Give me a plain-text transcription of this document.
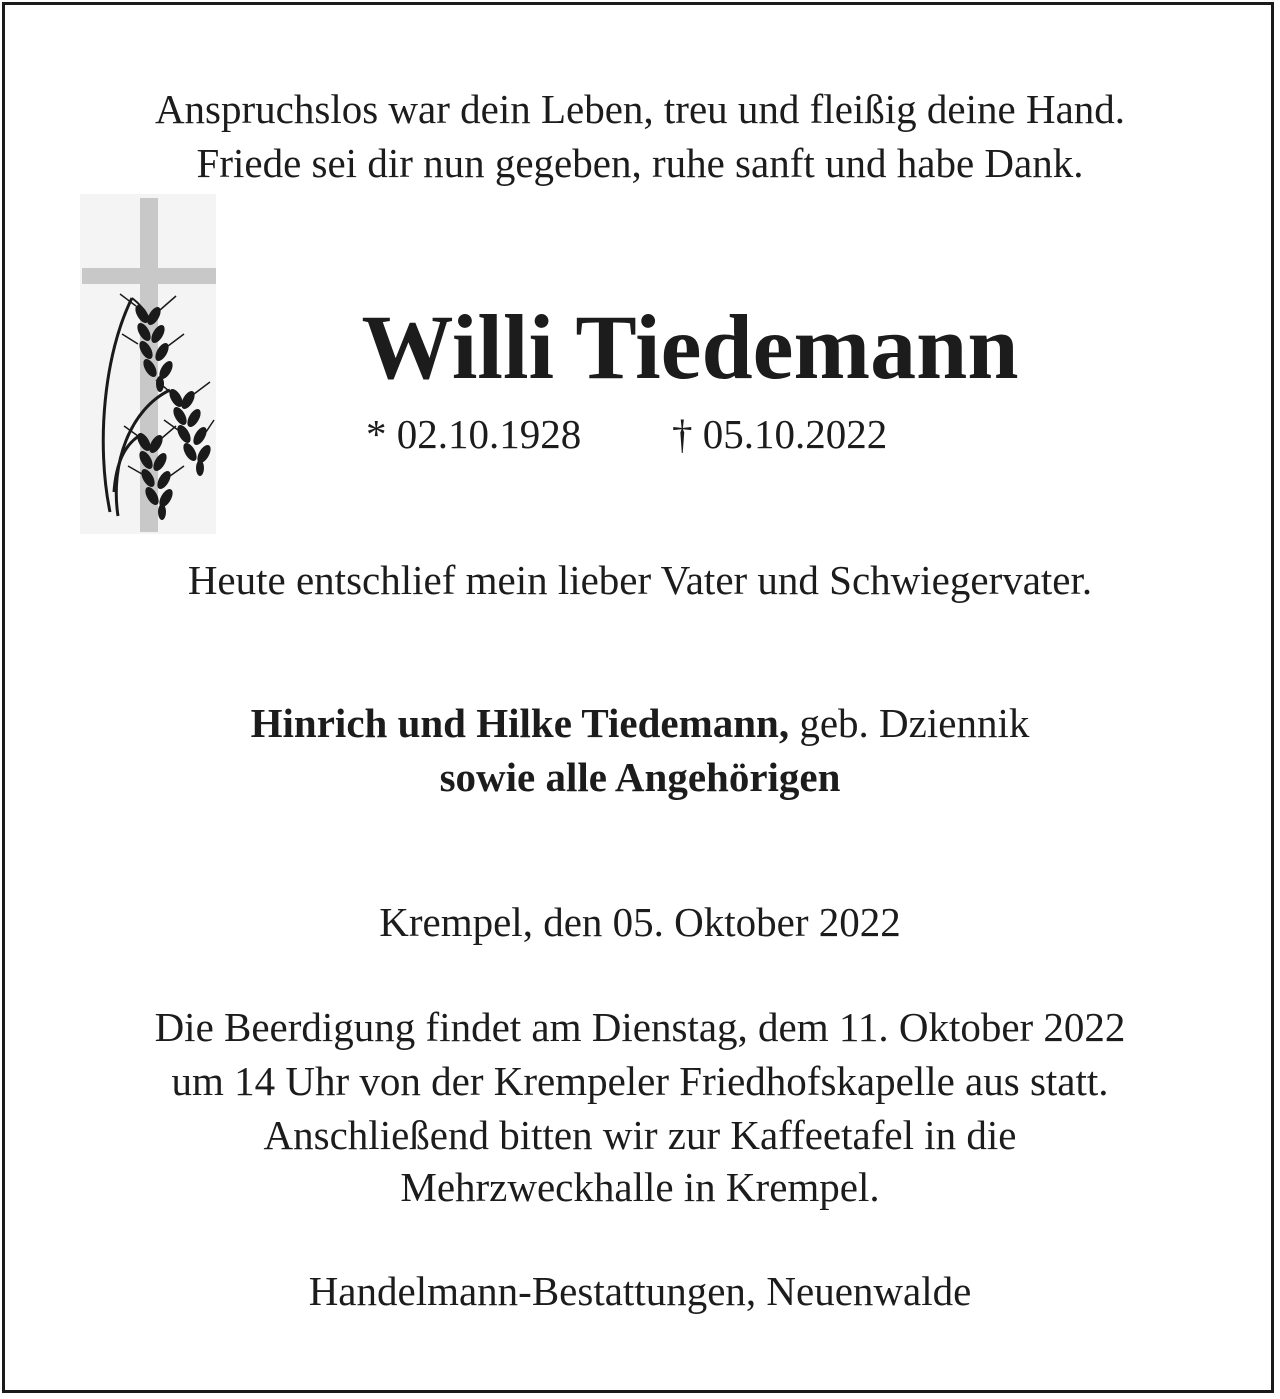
Anspruchslos war dein Leben, treu und fleißig deine Hand.
Friede sei dir nun gegeben, ruhe sanft und habe Dank.
Willi Tiedemann
* 02.10.1928 † 05.10.2022
Heute entschlief mein lieber Vater und Schwiegervater.
Hinrich und Hilke Tiedemann, geb. Dziennik
sowie alle Angehörigen
Krempel, den 05. Oktober 2022
Die Beerdigung findet am Dienstag, dem 11. Oktober 2022
um 14 Uhr von der Krempeler Friedhofskapelle aus statt.
Anschließend bitten wir zur Kaffeetafel in die
Mehrzweckhalle in Krempel.
Handelmann-Bestattungen, Neuenwalde
